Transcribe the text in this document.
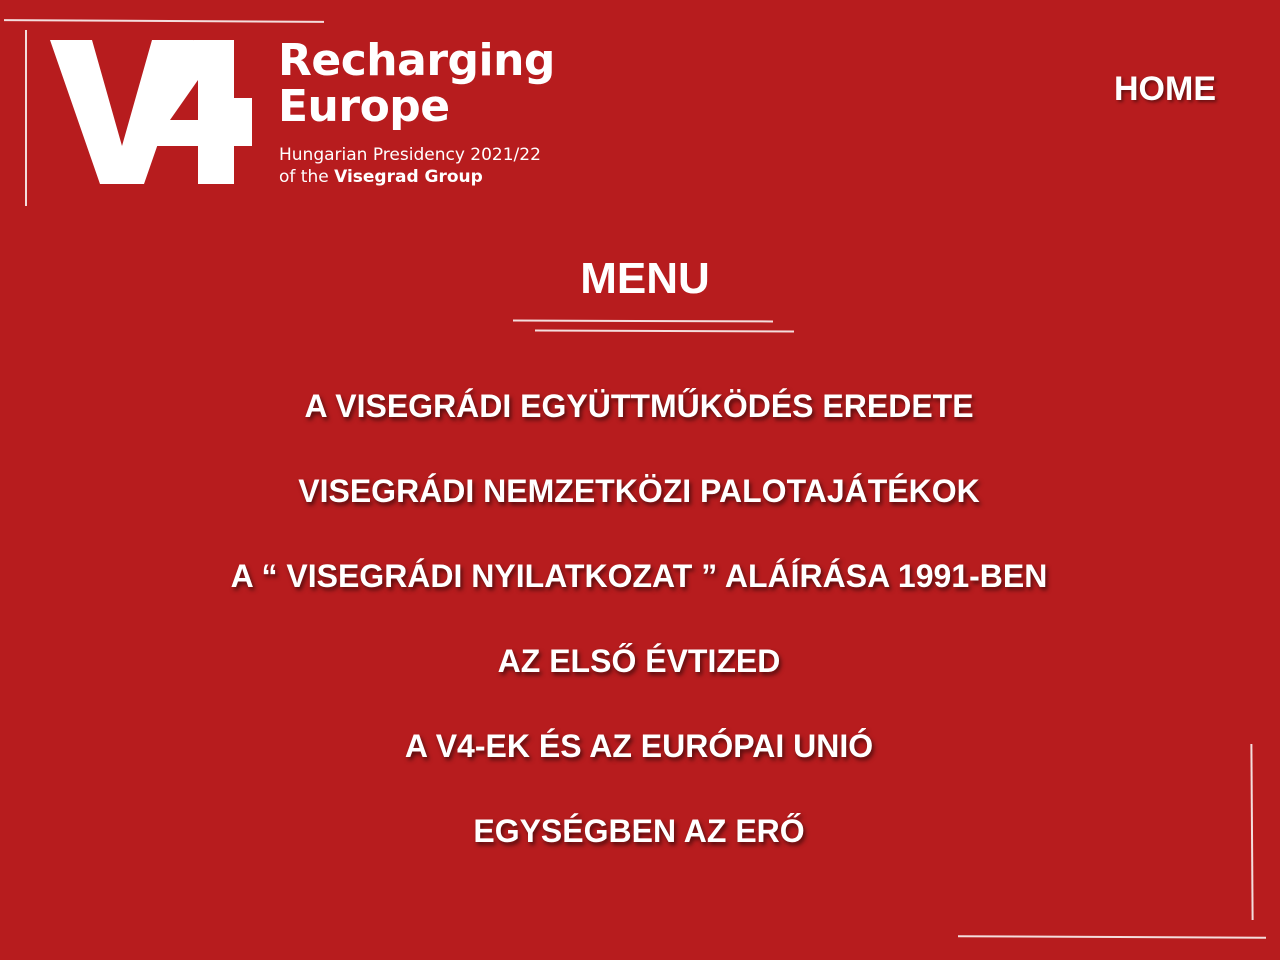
Recharging
Europe
Hungarian Presidency 2021/22
of the Visegrad Group
HOME
MENU
A VISEGRÁDI EGYÜTTMŰKÖDÉS EREDETE
VISEGRÁDI NEMZETKÖZI PALOTAJÁTÉKOK
A “ VISEGRÁDI NYILATKOZAT ” ALÁÍRÁSA 1991-BEN
AZ ELSŐ ÉVTIZED
A V4-EK ÉS AZ EURÓPAI UNIÓ
EGYSÉGBEN AZ ERŐ
